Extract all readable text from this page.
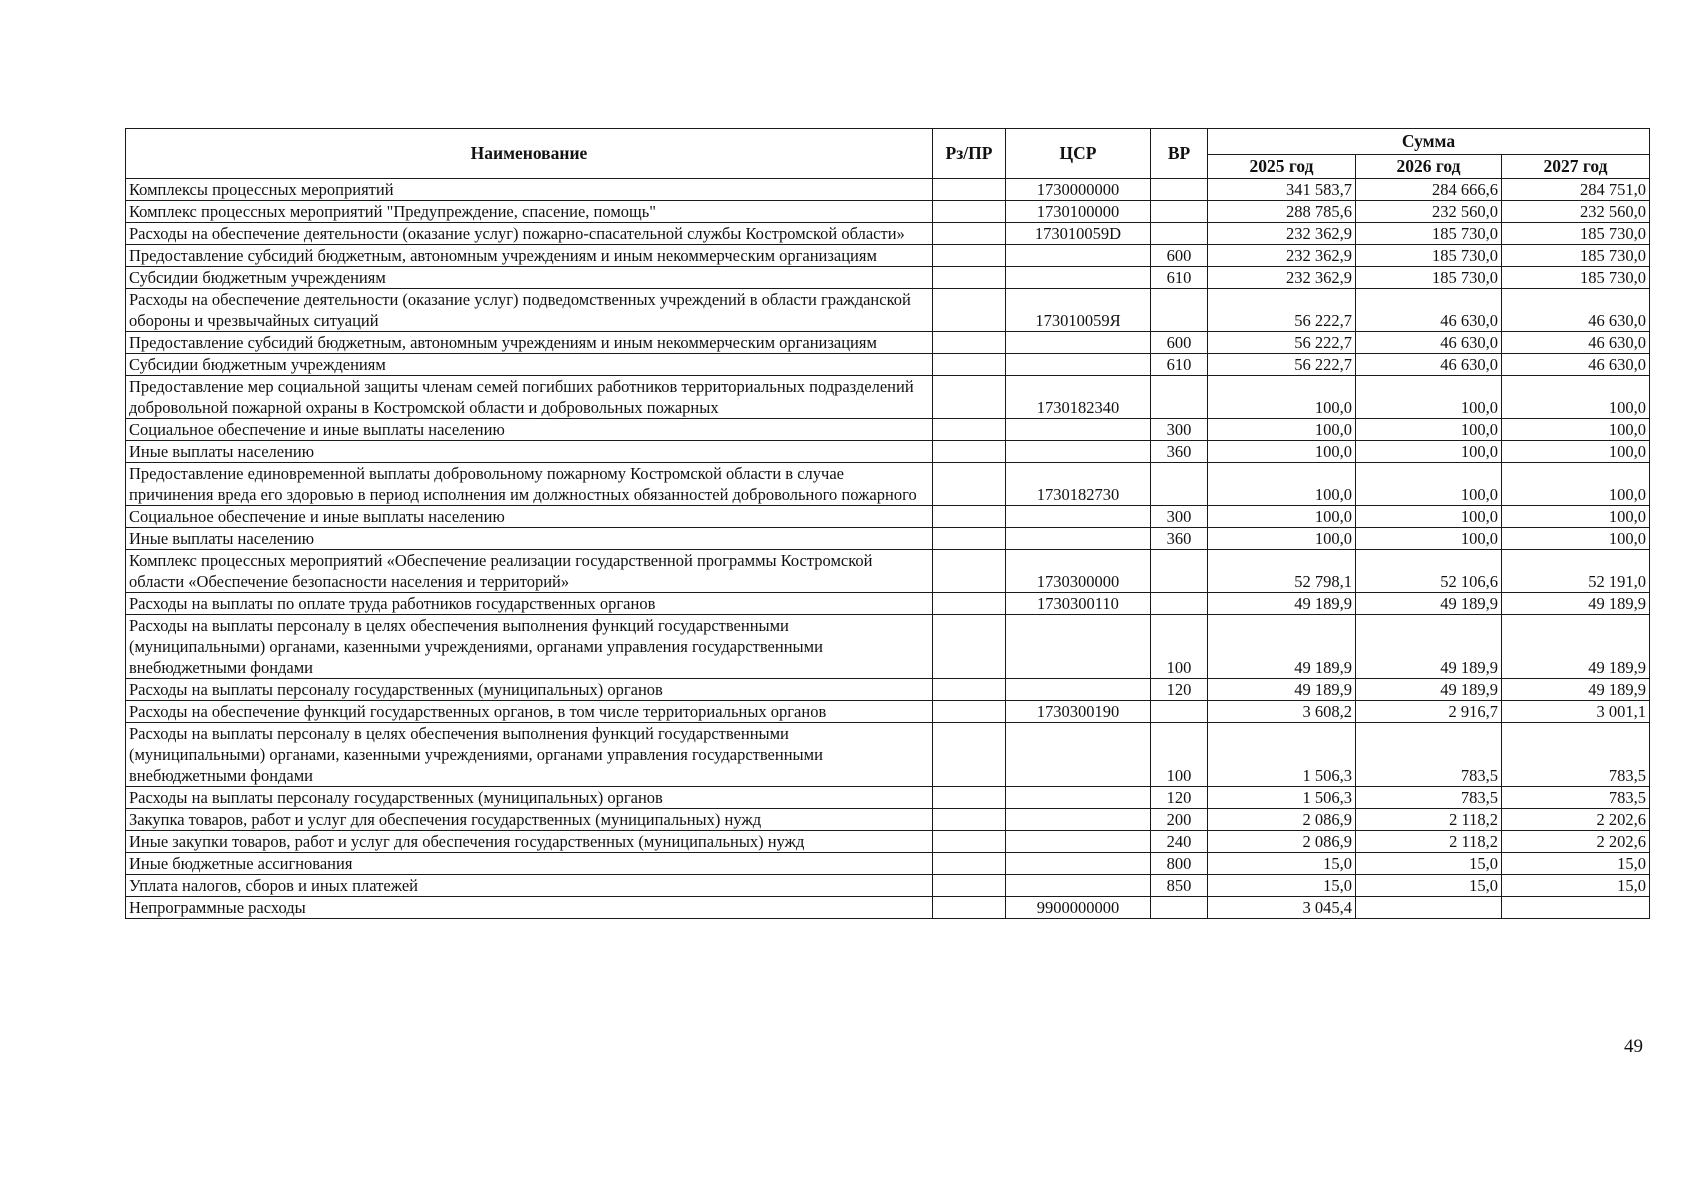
Наименование	Рз/ПР	ЦСР	ВР	Сумма		
				2025 год	2026 год	2027 год
Комплексы процессных мероприятий		1730000000		341 583,7	284 666,6	284 751,0
Комплекс процессных мероприятий "Предупреждение, спасение, помощь"		1730100000		288 785,6	232 560,0	232 560,0
Расходы на обеспечение деятельности (оказание услуг) пожарно-спасательной службы Костромской области»		173010059D		232 362,9	185 730,0	185 730,0
Предоставление субсидий бюджетным, автономным учреждениям и иным некоммерческим организациям			600	232 362,9	185 730,0	185 730,0
Субсидии бюджетным учреждениям			610	232 362,9	185 730,0	185 730,0
Расходы на обеспечение деятельности (оказание услуг) подведомственных учреждений в области гражданской обороны и чрезвычайных ситуаций		173010059Я		56 222,7	46 630,0	46 630,0
Предоставление субсидий бюджетным, автономным учреждениям и иным некоммерческим организациям			600	56 222,7	46 630,0	46 630,0
Субсидии бюджетным учреждениям			610	56 222,7	46 630,0	46 630,0
Предоставление мер социальной защиты членам семей погибших работников территориальных подразделений добровольной пожарной охраны в Костромской области и добровольных пожарных		1730182340		100,0	100,0	100,0
Социальное обеспечение и иные выплаты населению			300	100,0	100,0	100,0
Иные выплаты населению			360	100,0	100,0	100,0
Предоставление единовременной выплаты добровольному пожарному Костромской области в случае причинения вреда его здоровью в период исполнения им должностных обязанностей добровольного пожарного		1730182730		100,0	100,0	100,0
Социальное обеспечение и иные выплаты населению			300	100,0	100,0	100,0
Иные выплаты населению			360	100,0	100,0	100,0
Комплекс процессных мероприятий «Обеспечение реализации государственной программы Костромской области «Обеспечение безопасности населения и территорий»		1730300000		52 798,1	52 106,6	52 191,0
Расходы на выплаты по оплате труда работников государственных органов		1730300110		49 189,9	49 189,9	49 189,9
Расходы на выплаты персоналу в целях обеспечения выполнения функций государственными (муниципальными) органами, казенными учреждениями, органами управления государственными внебюджетными фондами			100	49 189,9	49 189,9	49 189,9
Расходы на выплаты персоналу государственных (муниципальных) органов			120	49 189,9	49 189,9	49 189,9
Расходы на обеспечение функций государственных органов, в том числе территориальных органов		1730300190		3 608,2	2 916,7	3 001,1
Расходы на выплаты персоналу в целях обеспечения выполнения функций государственными (муниципальными) органами, казенными учреждениями, органами управления государственными внебюджетными фондами			100	1 506,3	783,5	783,5
Расходы на выплаты персоналу государственных (муниципальных) органов			120	1 506,3	783,5	783,5
Закупка товаров, работ и услуг для обеспечения государственных (муниципальных) нужд			200	2 086,9	2 118,2	2 202,6
Иные закупки товаров, работ и услуг для обеспечения государственных (муниципальных) нужд			240	2 086,9	2 118,2	2 202,6
Иные бюджетные ассигнования			800	15,0	15,0	15,0
Уплата налогов, сборов и иных платежей			850	15,0	15,0	15,0
Непрограммные расходы		9900000000		3 045,4		
49
